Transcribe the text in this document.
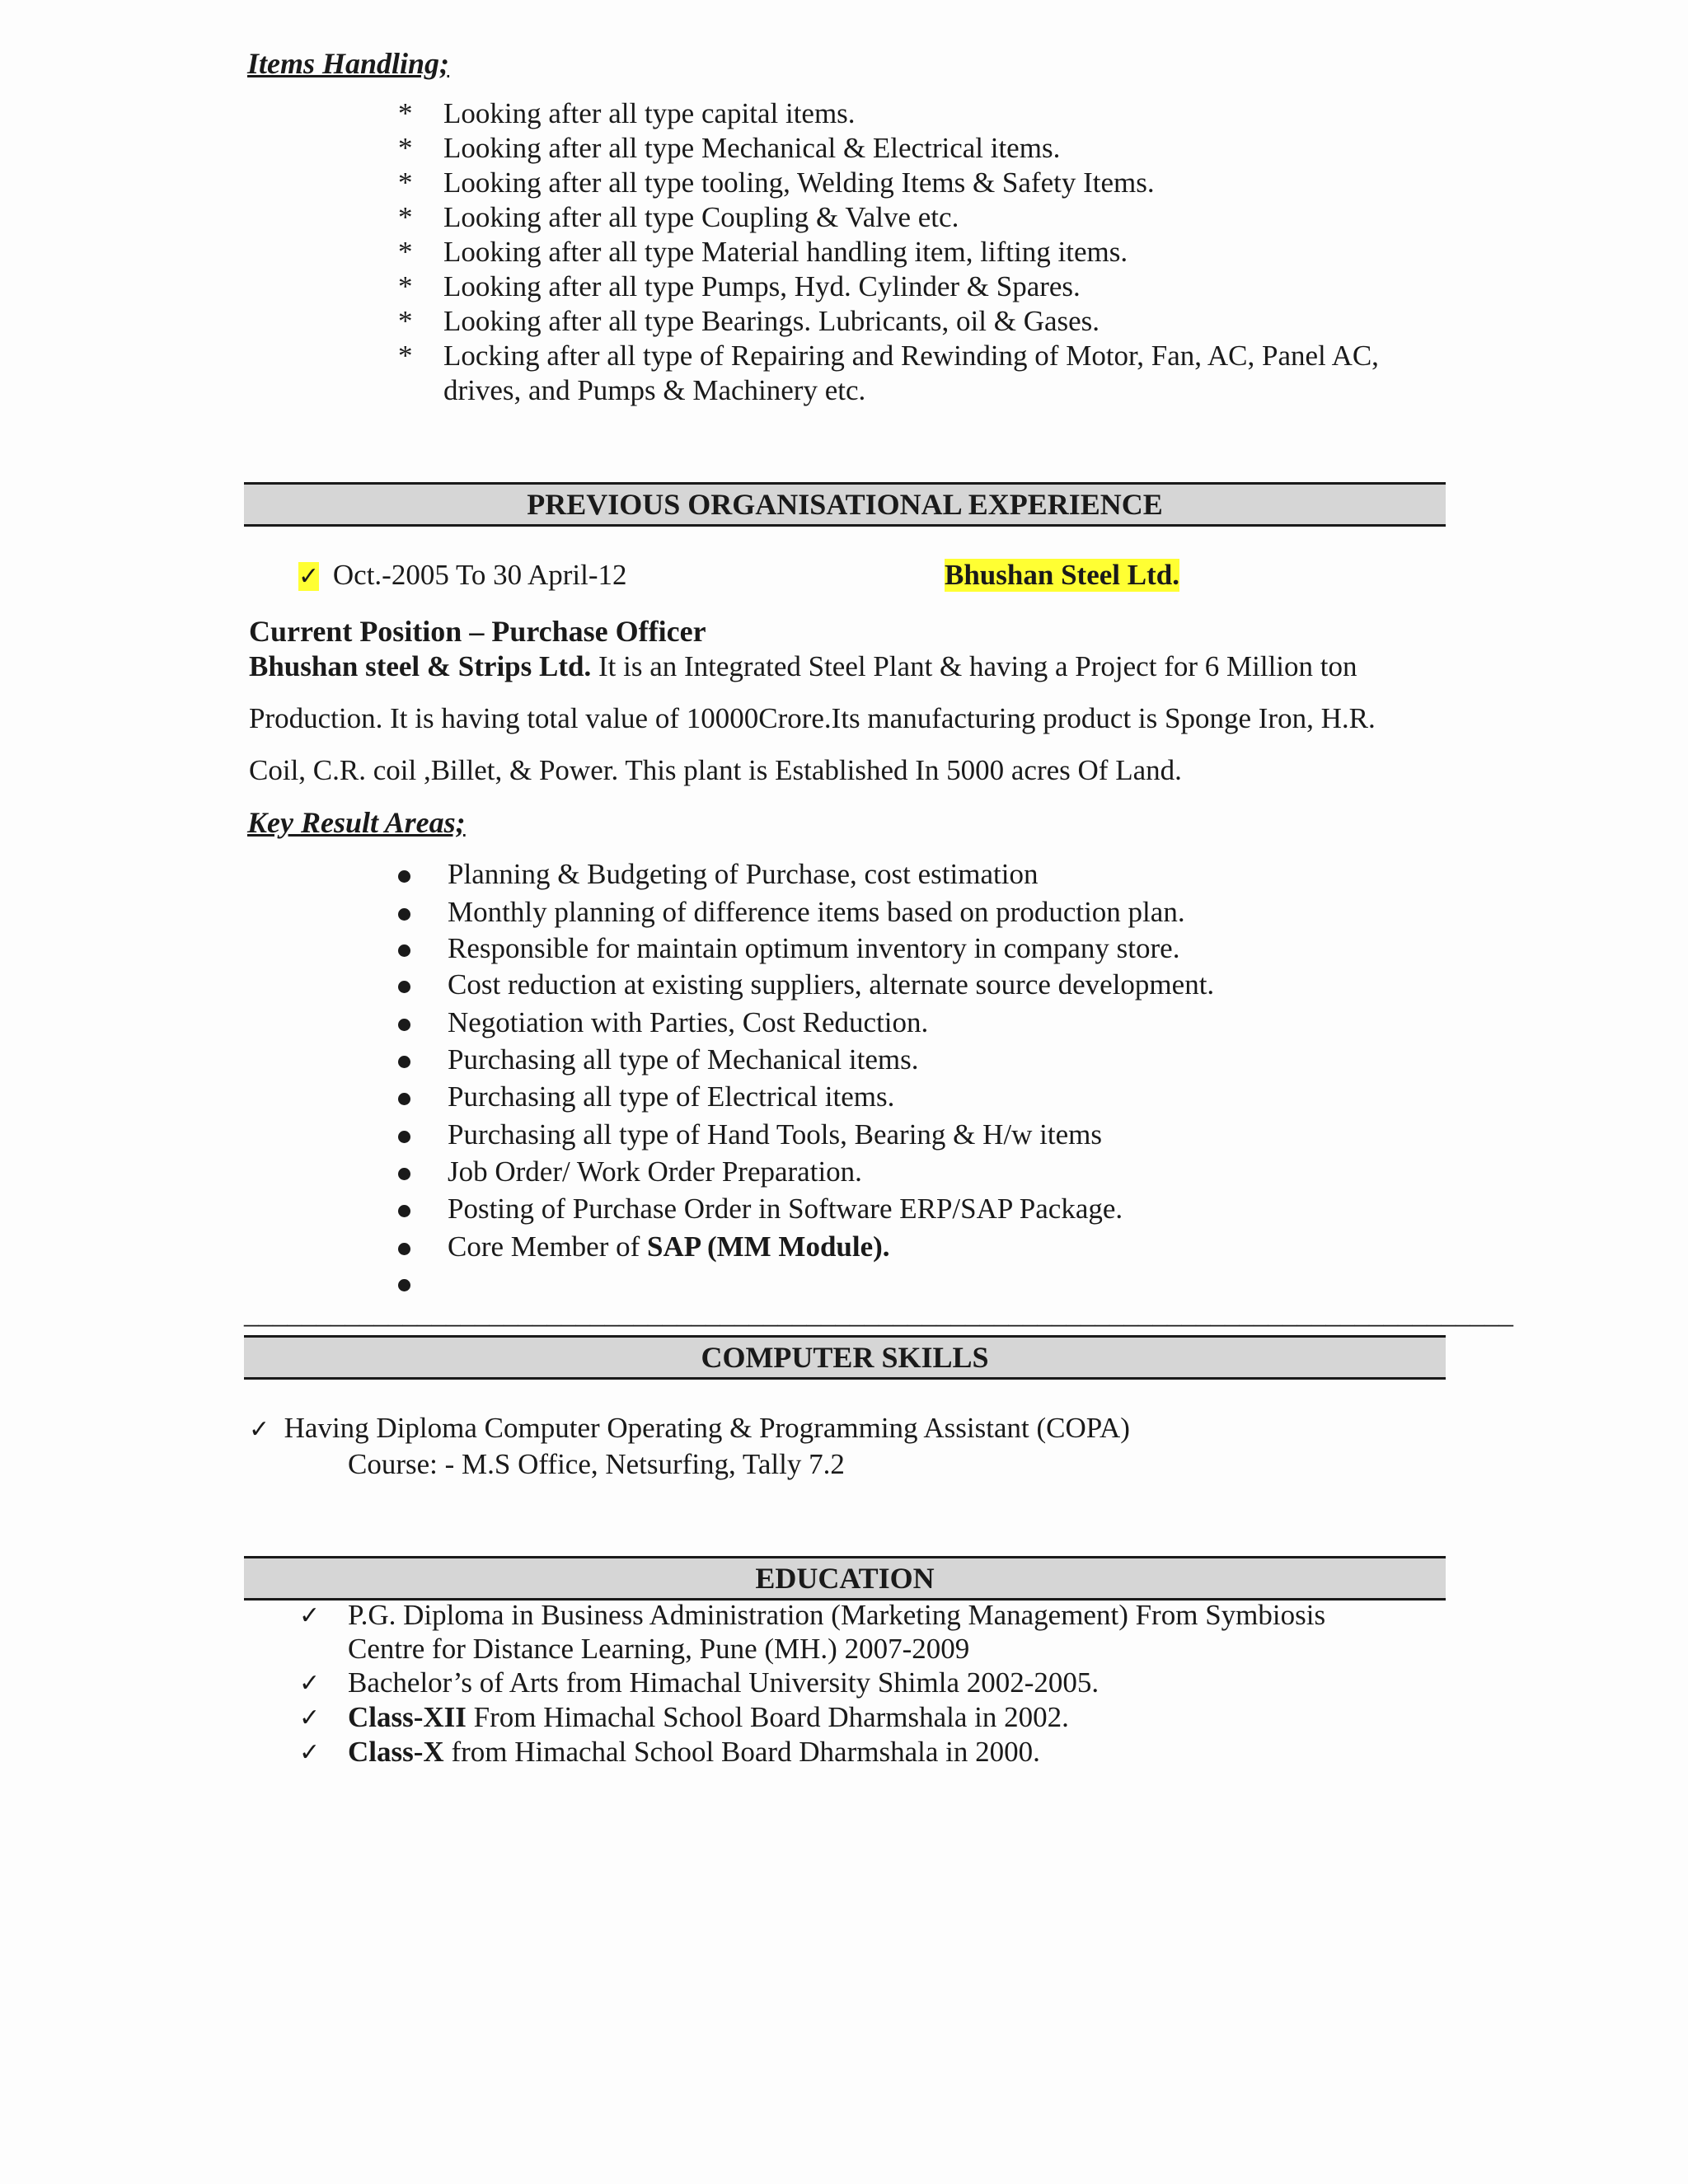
Items Handling;
* Looking after all type capital items.
* Looking after all type Mechanical & Electrical items.
* Looking after all type tooling, Welding Items & Safety Items.
* Looking after all type Coupling & Valve etc.
* Looking after all type Material handling item, lifting items.
* Looking after all type Pumps, Hyd. Cylinder & Spares.
* Looking after all type Bearings. Lubricants, oil & Gases.
* Locking after all type of Repairing and Rewinding of Motor, Fan, AC, Panel AC,
drives, and Pumps & Machinery etc.
PREVIOUS ORGANISATIONAL EXPERIENCE
✓ Oct.-2005 To 30 April-12	Bhushan Steel Ltd.
Current Position – Purchase Officer
Bhushan steel & Strips Ltd. It is an Integrated Steel Plant & having a Project for 6 Million ton
Production. It is having total value of 10000Crore.Its manufacturing product is Sponge Iron, H.R.
Coil, C.R. coil ,Billet, & Power. This plant is Established In 5000 acres Of Land.
Key Result Areas;
Planning & Budgeting of Purchase, cost estimation
Monthly planning of difference items based on production plan.
Responsible for maintain optimum inventory in company store.
Cost reduction at existing suppliers, alternate source development.
Negotiation with Parties, Cost Reduction.
Purchasing all type of Mechanical items.
Purchasing all type of Electrical items.
Purchasing all type of Hand Tools, Bearing & H/w items
Job Order/ Work Order Preparation.
Posting of Purchase Order in Software ERP/SAP Package.
Core Member of SAP (MM Module).
________________________________________________________________________________________
COMPUTER SKILLS
✓ Having Diploma Computer Operating & Programming Assistant (COPA)
Course: - M.S Office, Netsurfing, Tally 7.2
EDUCATION
✓ P.G. Diploma in Business Administration (Marketing Management) From Symbiosis
Centre for Distance Learning, Pune (MH.) 2007-2009
✓ Bachelor’s of Arts from Himachal University Shimla 2002-2005.
✓ Class-XII From Himachal School Board Dharmshala in 2002.
✓ Class-X from Himachal School Board Dharmshala in 2000.
